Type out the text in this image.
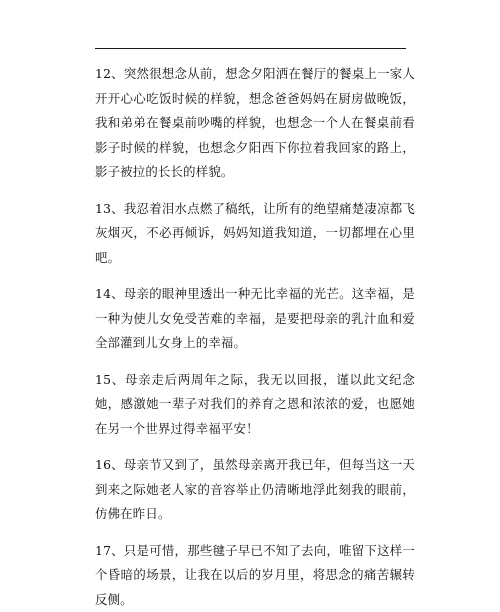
12、突然很想念从前，想念夕阳洒在餐厅的餐桌上一家人开开心心吃饭时候的样貌，想念爸爸妈妈在厨房做晚饭，我和弟弟在餐桌前吵嘴的样貌，也想念一个人在餐桌前看影子时候的样貌，也想念夕阳西下你拉着我回家的路上，影子被拉的长长的样貌。

13、我忍着泪水点燃了稿纸，让所有的绝望痛楚凄凉都飞灰烟灭，不必再倾诉，妈妈知道我知道，一切都埋在心里吧。

14、母亲的眼神里透出一种无比幸福的光芒。这幸福，是一种为使儿女免受苦难的幸福，是要把母亲的乳汁血和爱全部灌到儿女身上的幸福。

15、母亲走后两周年之际，我无以回报，谨以此文纪念她，感激她一辈子对我们的养育之恩和浓浓的爱，也愿她在另一个世界过得幸福平安！

16、母亲节又到了，虽然母亲离开我已年，但每当这一天到来之际她老人家的音容举止仍清晰地浮此刻我的眼前，仿佛在昨日。

17、只是可惜，那些毽子早已不知了去向，唯留下这样一个昏暗的场景，让我在以后的岁月里，将思念的痛苦辗转反侧。
